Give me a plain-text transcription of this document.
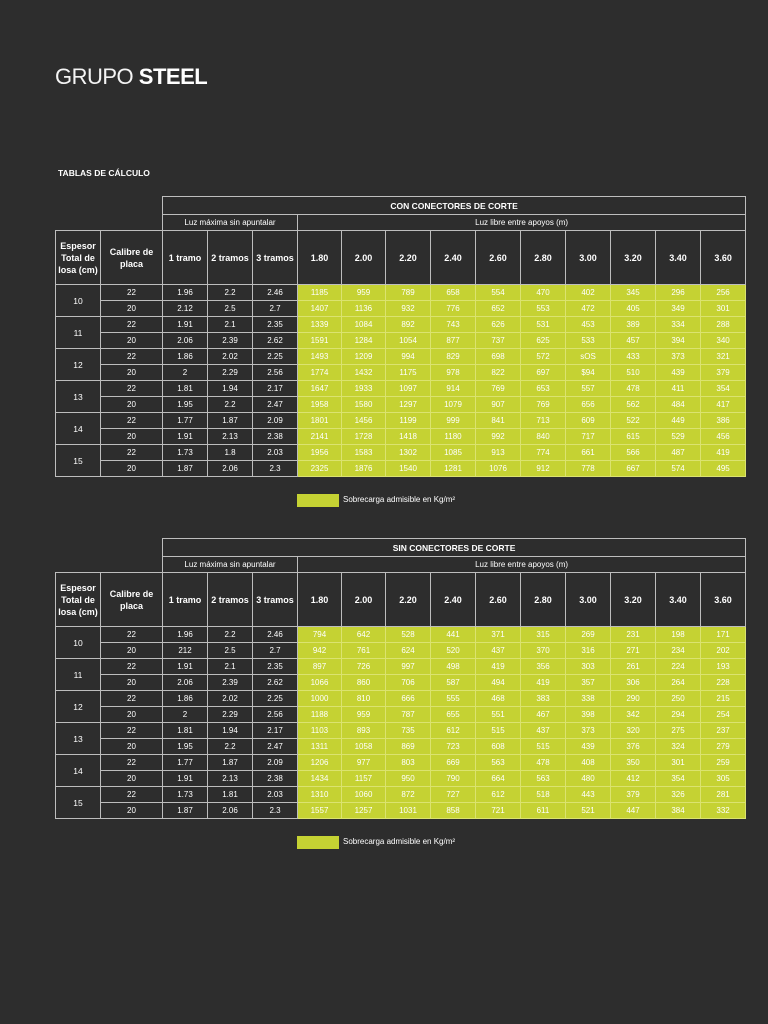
GRUPO STEEL
TABLAS DE CÁLCULO
		CON CONECTORES DE CORTE												
		Luz máxima sin apuntalar			Luz libre entre apoyos (m)									
Espesor Total de losa (cm)	Calibre de placa	1 tramo	2 tramos	3 tramos	1.80	2.00	2.20	2.40	2.60	2.80	3.00	3.20	3.40	3.60
10	22	1.96	2.2	2.46	1185	959	789	658	554	470	402	345	296	256
	20	2.12	2.5	2.7	1407	1136	932	776	652	553	472	405	349	301
11	22	1.91	2.1	2.35	1339	1084	892	743	626	531	453	389	334	288
	20	2.06	2.39	2.62	1591	1284	1054	877	737	625	533	457	394	340
12	22	1.86	2.02	2.25	1493	1209	994	829	698	572	sOS	433	373	321
	20	2	2.29	2.56	1774	1432	1175	978	822	697	$94	510	439	379
13	22	1.81	1.94	2.17	1647	1933	1097	914	769	653	557	478	411	354
	20	1.95	2.2	2.47	1958	1580	1297	1079	907	769	656	562	484	417
14	22	1.77	1.87	2.09	1801	1456	1199	999	841	713	609	522	449	386
	20	1.91	2.13	2.38	2141	1728	1418	1180	992	840	717	615	529	456
15	22	1.73	1.8	2.03	1956	1583	1302	1085	913	774	661	566	487	419
	20	1.87	2.06	2.3	2325	1876	1540	1281	1076	912	778	667	574	495
Sobrecarga admisible en Kg/m²
		SIN CONECTORES DE CORTE												
		Luz máxima sin apuntalar			Luz libre entre apoyos (m)									
Espesor Total de losa (cm)	Calibre de placa	1 tramo	2 tramos	3 tramos	1.80	2.00	2.20	2.40	2.60	2.80	3.00	3.20	3.40	3.60
10	22	1.96	2.2	2.46	794	642	528	441	371	315	269	231	198	171
	20	212	2.5	2.7	942	761	624	520	437	370	316	271	234	202
11	22	1.91	2.1	2.35	897	726	997	498	419	356	303	261	224	193
	20	2.06	2.39	2.62	1066	860	706	587	494	419	357	306	264	228
12	22	1.86	2.02	2.25	1000	810	666	555	468	383	338	290	250	215
	20	2	2.29	2.56	1188	959	787	655	551	467	398	342	294	254
13	22	1.81	1.94	2.17	1103	893	735	612	515	437	373	320	275	237
	20	1.95	2.2	2.47	1311	1058	869	723	608	515	439	376	324	279
14	22	1.77	1.87	2.09	1206	977	803	669	563	478	408	350	301	259
	20	1.91	2.13	2.38	1434	1157	950	790	664	563	480	412	354	305
15	22	1.73	1.81	2.03	1310	1060	872	727	612	518	443	379	326	281
	20	1.87	2.06	2.3	1557	1257	1031	858	721	611	521	447	384	332
Sobrecarga admisible en Kg/m²
